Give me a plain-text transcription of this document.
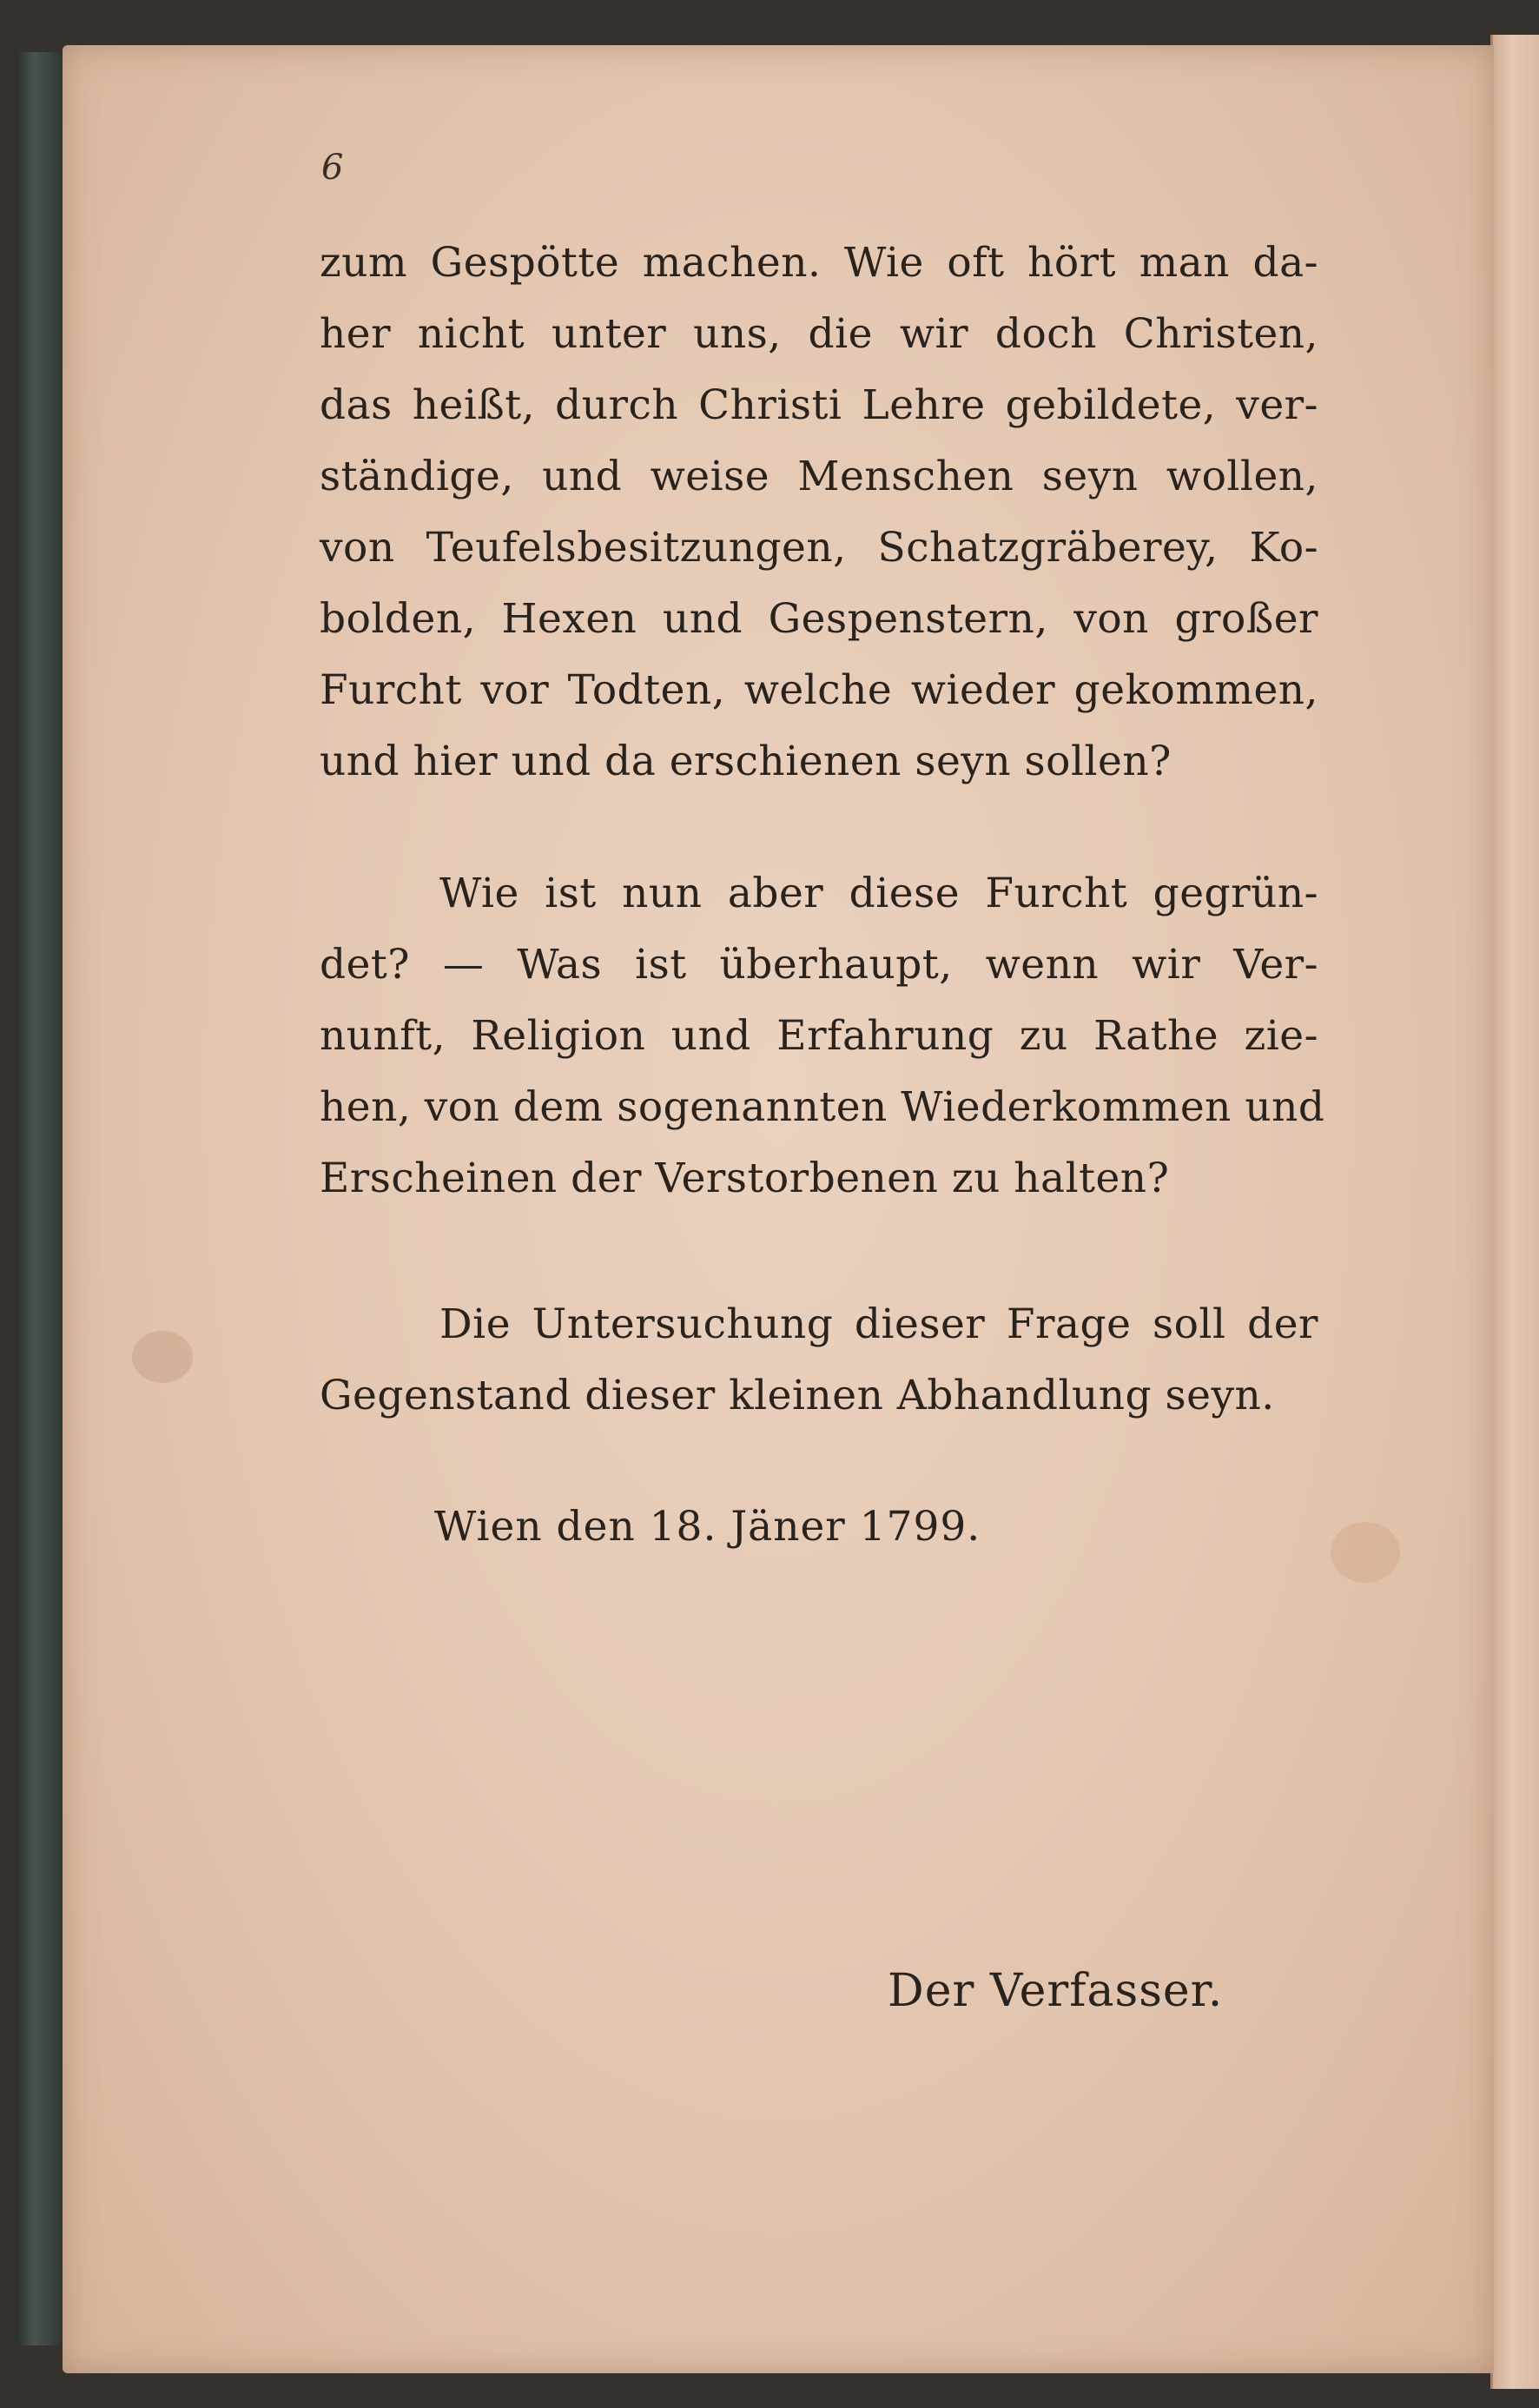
6
zum Gespötte machen. Wie oft hört man da-
her nicht unter uns, die wir doch Christen,
das heißt, durch Christi Lehre gebildete, ver-
ständige, und weise Menschen seyn wollen,
von Teufelsbesitzungen, Schatzgräberey, Ko-
bolden, Hexen und Gespenstern, von großer
Furcht vor Todten, welche wieder gekommen,
und hier und da erschienen seyn sollen?
Wie ist nun aber diese Furcht gegrün-
det? — Was ist überhaupt, wenn wir Ver-
nunft, Religion und Erfahrung zu Rathe zie-
hen, von dem sogenannten Wiederkommen und
Erscheinen der Verstorbenen zu halten?
Die Untersuchung dieser Frage soll der
Gegenstand dieser kleinen Abhandlung seyn.
Wien den 18. Jäner 1799.
Der Verfasser.
